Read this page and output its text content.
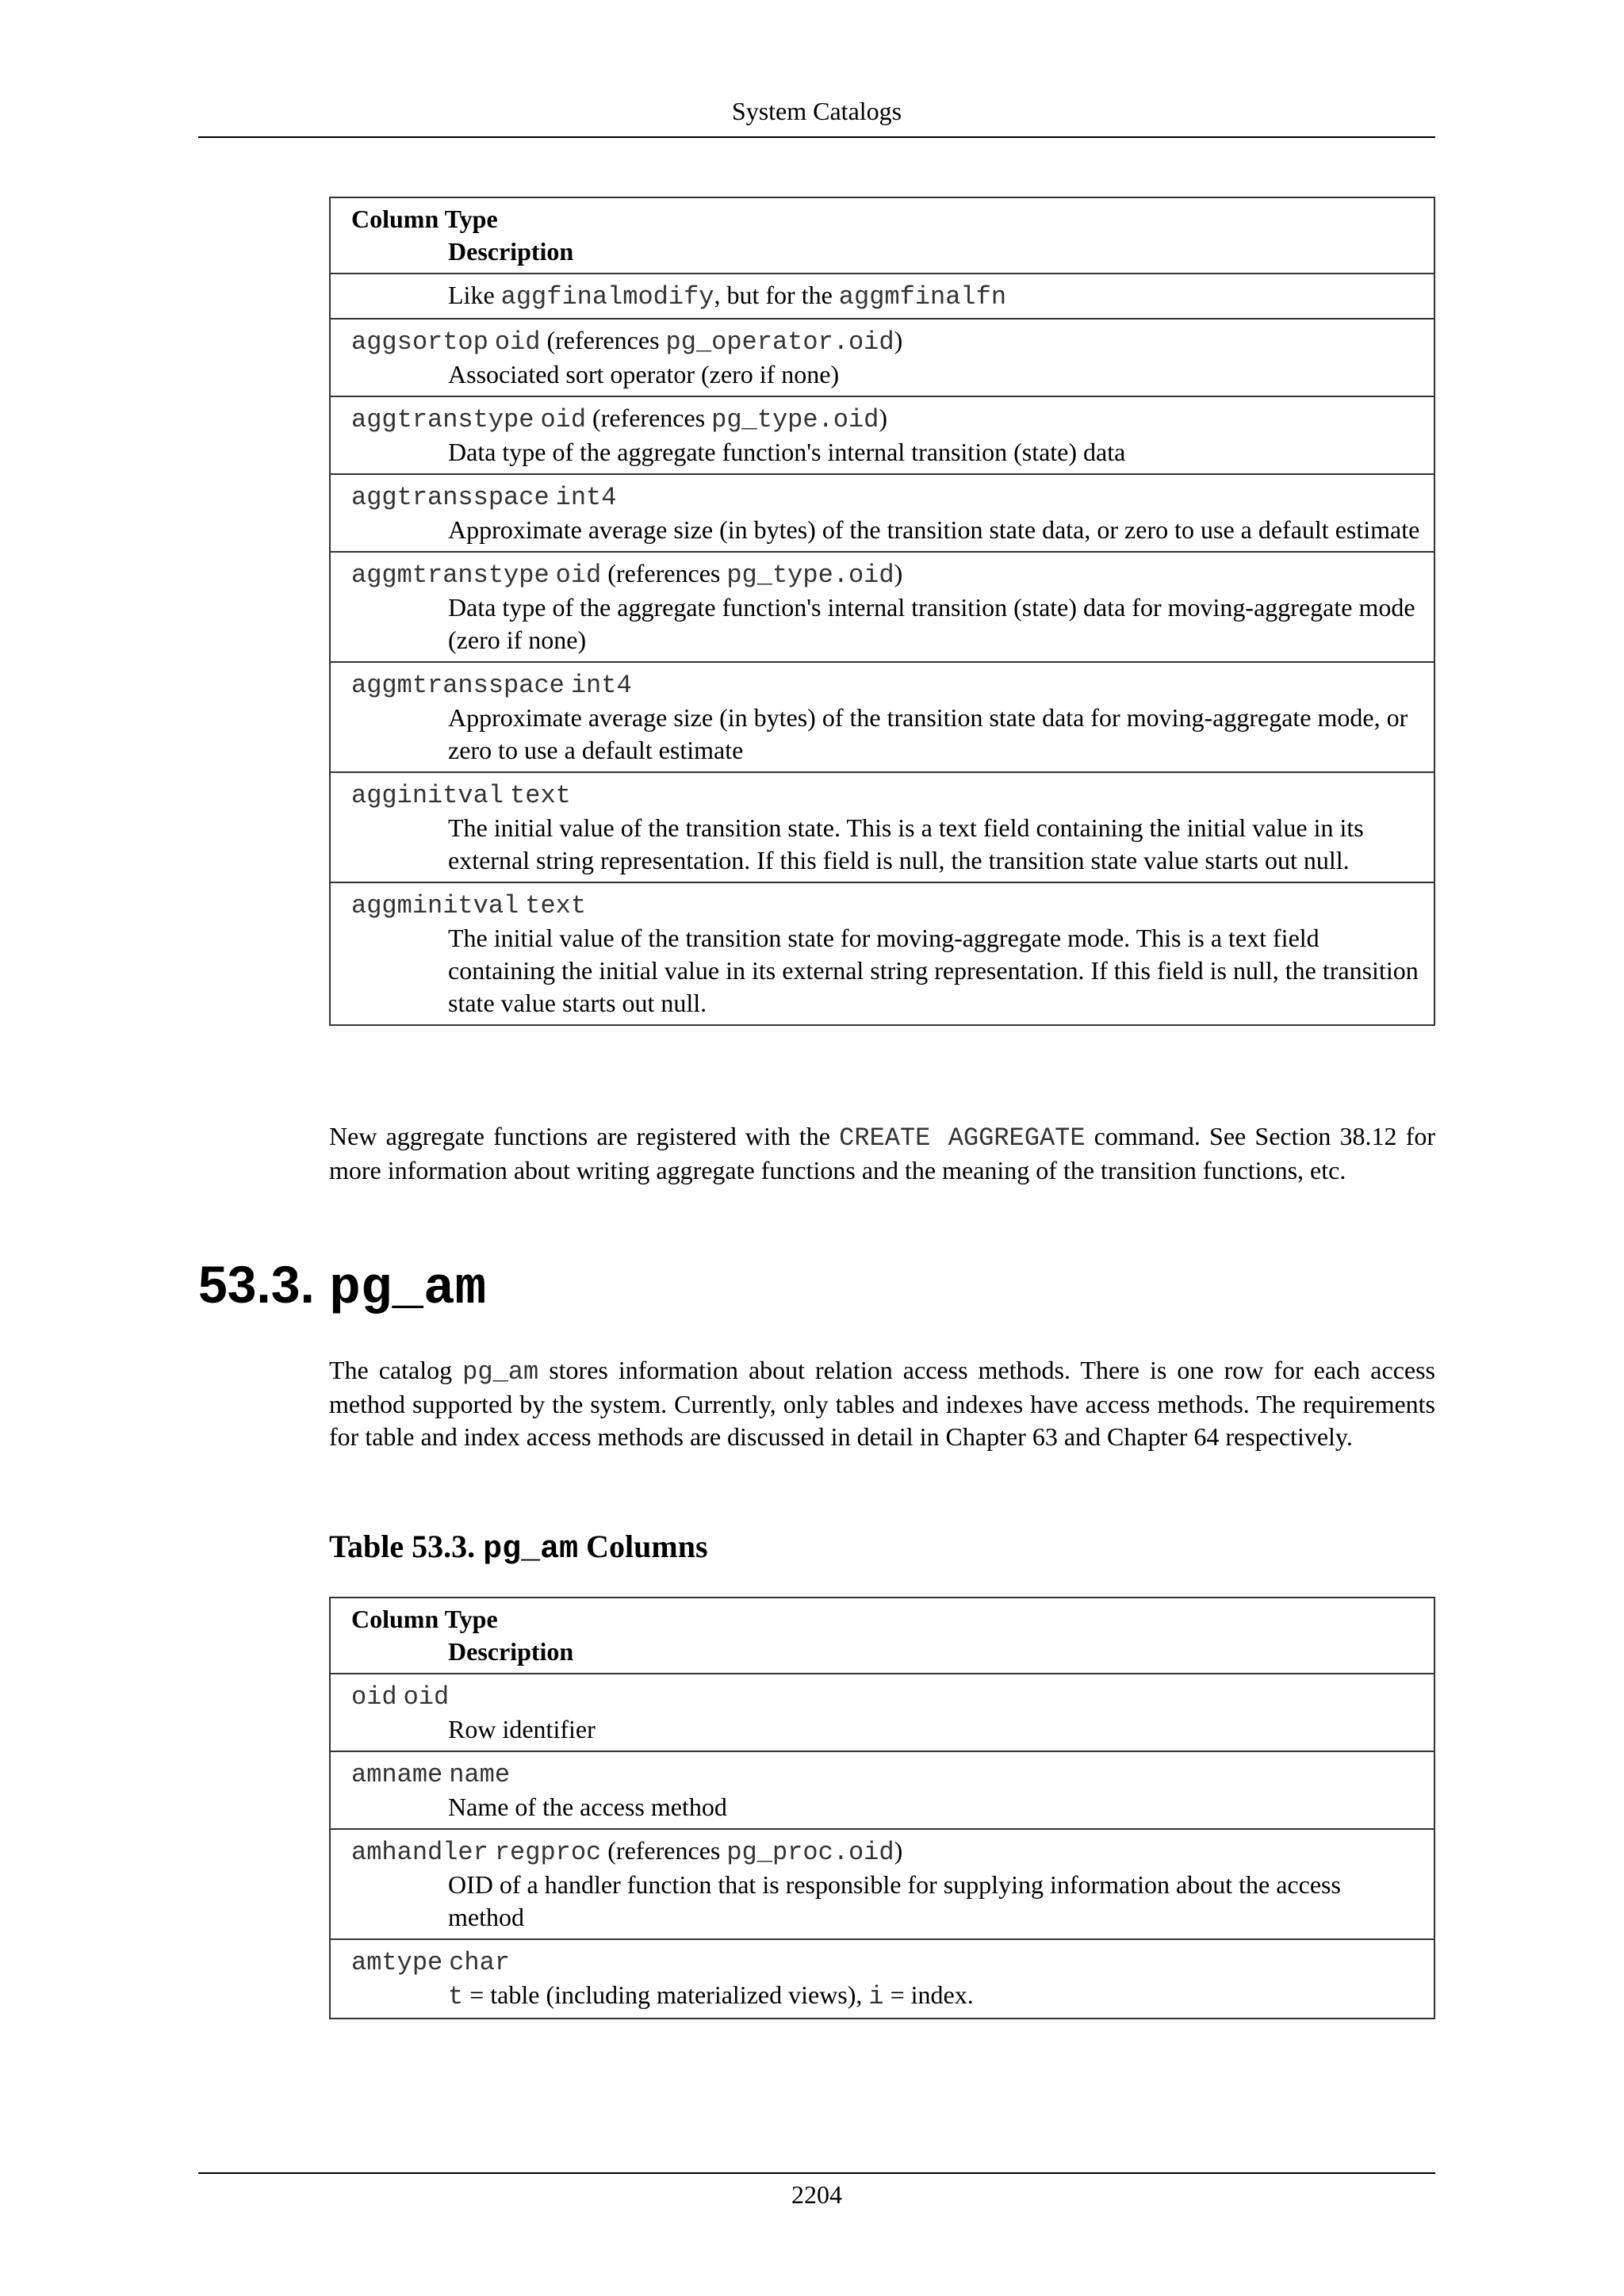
System Catalogs
Column Type
Description

Like aggfinalmodify, but for the aggmfinalfn

aggsortop oid (references pg_operator.oid)
Associated sort operator (zero if none)

aggtranstype oid (references pg_type.oid)
Data type of the aggregate function's internal transition (state) data

aggtransspace int4
Approximate average size (in bytes) of the transition state data, or zero to use a default estimate

aggmtranstype oid (references pg_type.oid)
Data type of the aggregate function's internal transition (state) data for moving-aggregate mode (zero if none)

aggmtransspace int4
Approximate average size (in bytes) of the transition state data for moving-aggregate mode, or zero to use a default estimate

agginitval text
The initial value of the transition state. This is a text field containing the initial value in its external string representation. If this field is null, the transition state value starts out null.

aggminitval text
The initial value of the transition state for moving-aggregate mode. This is a text field containing the initial value in its external string representation. If this field is null, the transition state value starts out null.

New aggregate functions are registered with the CREATE AGGREGATE command. See Section 38.12 for more information about writing aggregate functions and the meaning of the transition functions, etc.

53.3. pg_am

The catalog pg_am stores information about relation access methods. There is one row for each access method supported by the system. Currently, only tables and indexes have access methods. The requirements for table and index access methods are discussed in detail in Chapter 63 and Chapter 64 respectively.

Table 53.3. pg_am Columns
Column Type
Description

oid oid
Row identifier

amname name
Name of the access method

amhandler regproc (references pg_proc.oid)
OID of a handler function that is responsible for supplying information about the access method

amtype char
t = table (including materialized views), i = index.
2204
